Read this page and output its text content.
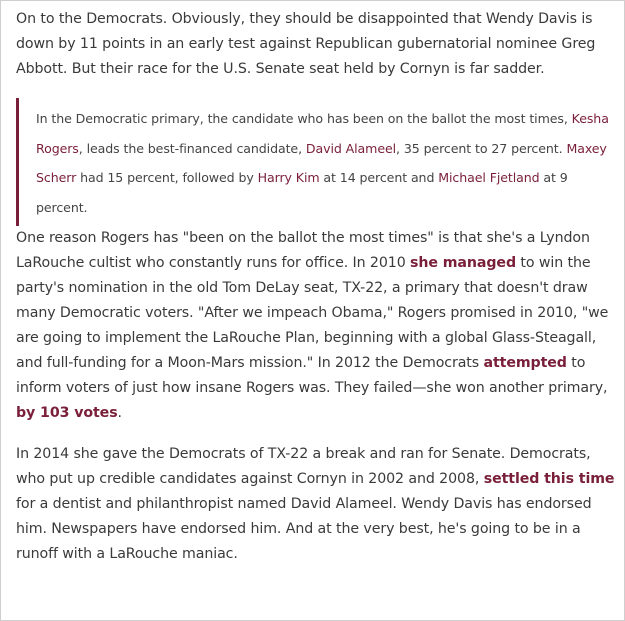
On to the Democrats. Obviously, they should be disappointed that Wendy Davis is down by 11 points in an early test against Republican gubernatorial nominee Greg Abbott. But their race for the U.S. Senate seat held by Cornyn is far sadder.

In the Democratic primary, the candidate who has been on the ballot the most times, Kesha Rogers, leads the best-financed candidate, David Alameel, 35 percent to 27 percent. Maxey Scherr had 15 percent, followed by Harry Kim at 14 percent and Michael Fjetland at 9 percent.

One reason Rogers has "been on the ballot the most times" is that she's a Lyndon LaRouche cultist who constantly runs for office. In 2010 she managed to win the party's nomination in the old Tom DeLay seat, TX-22, a primary that doesn't draw many Democratic voters. "After we impeach Obama," Rogers promised in 2010, "we are going to implement the LaRouche Plan, beginning with a global Glass-Steagall, and full-funding for a Moon-Mars mission." In 2012 the Democrats attempted to inform voters of just how insane Rogers was. They failed—she won another primary, by 103 votes.

In 2014 she gave the Democrats of TX-22 a break and ran for Senate. Democrats, who put up credible candidates against Cornyn in 2002 and 2008, settled this time for a dentist and philanthropist named David Alameel. Wendy Davis has endorsed him. Newspapers have endorsed him. And at the very best, he's going to be in a runoff with a LaRouche maniac.
